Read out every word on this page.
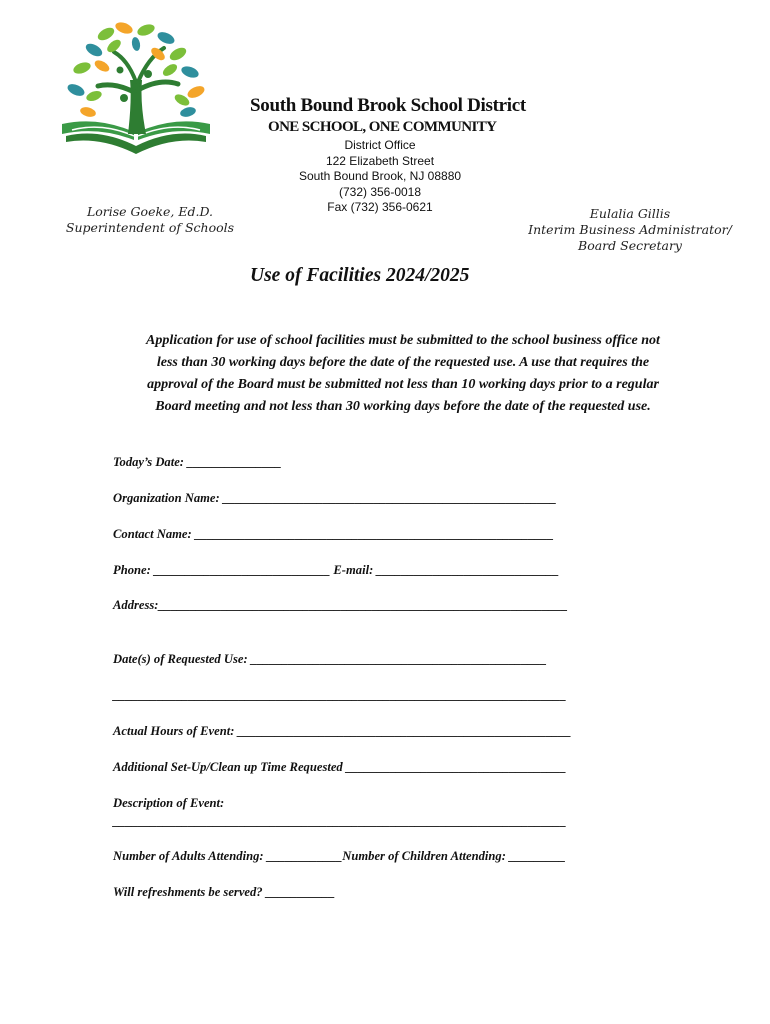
South Bound Brook School District
ONE SCHOOL, ONE COMMUNITY
District Office
122 Elizabeth Street
South Bound Brook, NJ 08880
(732) 356-0018
Fax (732) 356-0621
Lorise Goeke, Ed.D.
Superintendent of Schools
Eulalia Gillis
Interim Business Administrator/
Board Secretary
Use of Facilities 2024/2025
Application for use of school facilities must be submitted to the school business office not
less than 30 working days before the date of the requested use. A use that requires the
approval of the Board must be submitted not less than 10 working days prior to a regular
Board meeting and not less than 30 working days before the date of the requested use.
Today’s Date: _______________
Organization Name: _____________________________________________________
Contact Name: _________________________________________________________
Phone: ____________________________ E-mail: _____________________________
Address:_________________________________________________________________
Date(s) of Requested Use: _______________________________________________
________________________________________________________________________
Actual Hours of Event: _____________________________________________________
Additional Set-Up/Clean up Time Requested ___________________________________
Description of Event:
________________________________________________________________________
Number of Adults Attending: ____________Number of Children Attending: _________
Will refreshments be served? ___________
